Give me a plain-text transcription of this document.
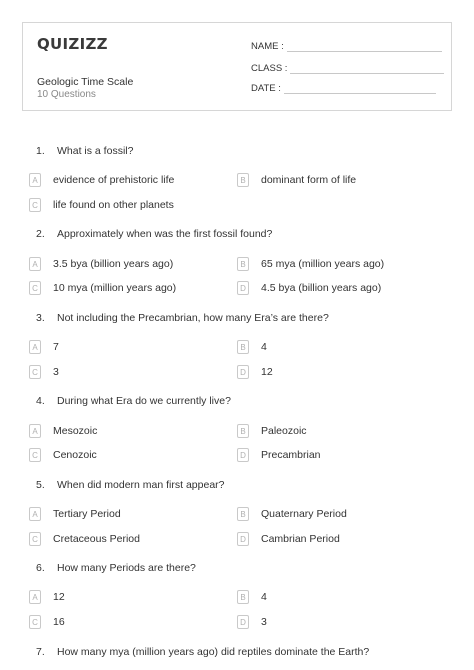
QUIZIZZ
Geologic Time Scale
10 Questions
NAME :
CLASS :
DATE :
1.	What is a fossil?
A	evidence of prehistoric life	B	dominant form of life
C life found on other planets
2.	Approximately when was the first fossil found?
A	3.5 bya (billion years ago)	B	65 mya (million years ago)
C 10 mya (million years ago)	D 4.5 bya (billion years ago)
3.	Not including the Precambrian, how many Era’s are there?
A	7	B	4
C 3	D 12
4.	During what Era do we currently live?
A	Mesozoic	B	Paleozoic
C Cenozoic	D Precambrian
5.	When did modern man first appear?
A	Tertiary Period	B	Quaternary Period
C Cretaceous Period	D Cambrian Period
6.	How many Periods are there?
A	12	B	4
C 16	D 3
7.	How many mya (million years ago) did reptiles dominate the Earth?
